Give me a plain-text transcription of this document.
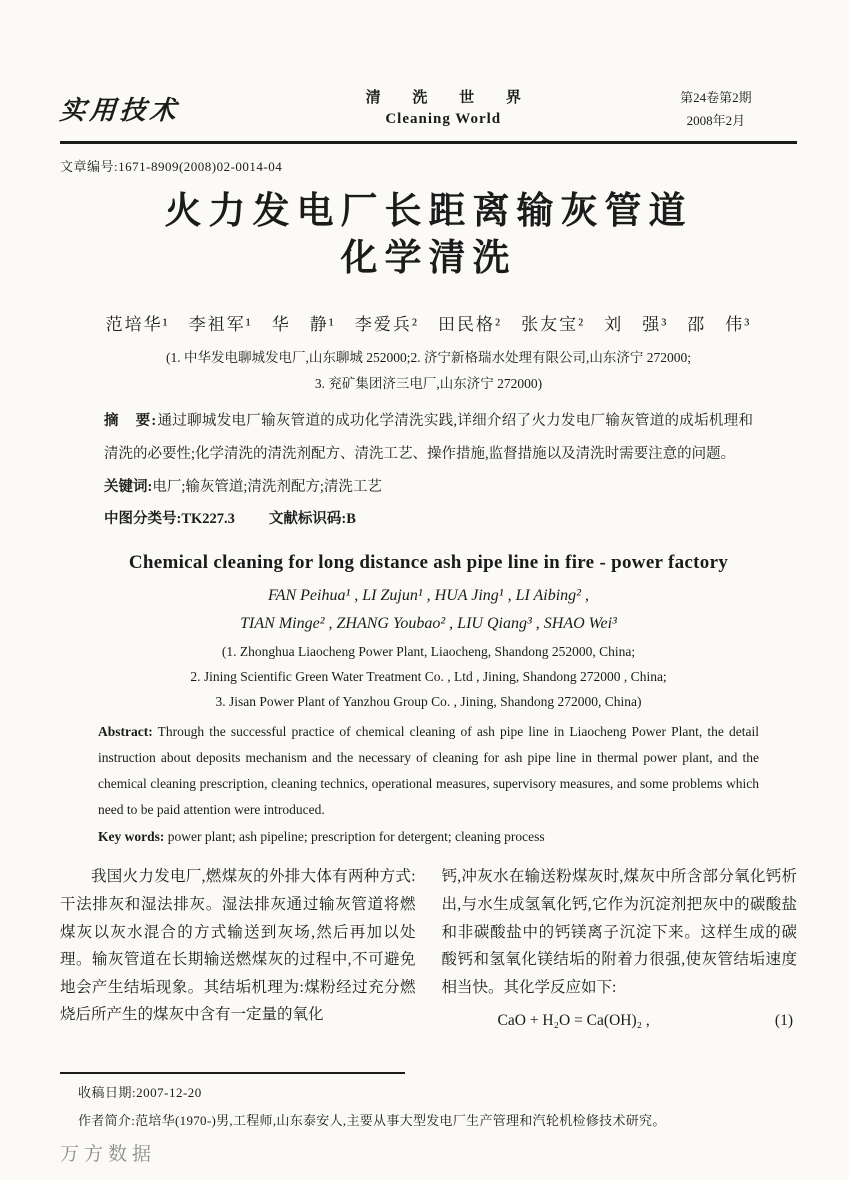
实用技术	清 洗 世 界
Cleaning World
第24卷第2期
2008年2月
文章编号:1671-8909(2008)02-0014-04
火力发电厂长距离输灰管道
化学清洗
范培华¹　李祖军¹　华　静¹　李爱兵²　田民格²　张友宝²　刘　强³　邵　伟³
(1. 中华发电聊城发电厂,山东聊城 252000;2. 济宁新格瑞水处理有限公司,山东济宁 272000;
3. 兖矿集团济三电厂,山东济宁 272000)

摘　要:通过聊城发电厂输灰管道的成功化学清洗实践,详细介绍了火力发电厂输灰管道的成垢机理和清洗的必要性;化学清洗的清洗剂配方、清洗工艺、操作措施,监督措施以及清洗时需要注意的问题。

关键词:电厂;输灰管道;清洗剂配方;清洗工艺

中图分类号:TK227.3 文献标识码:B

Chemical cleaning for long distance ash pipe line in fire - power factory
FAN Peihua¹ , LI Zujun¹ , HUA Jing¹ , LI Aibing² ,
TIAN Minge² , ZHANG Youbao² , LIU Qiang³ , SHAO Wei³
(1. Zhonghua Liaocheng Power Plant, Liaocheng, Shandong 252000, China;
2. Jining Scientific Green Water Treatment Co. , Ltd , Jining, Shandong 272000 , China;
3. Jisan Power Plant of Yanzhou Group Co. , Jining, Shandong 272000, China)

Abstract: Through the successful practice of chemical cleaning of ash pipe line in Liaocheng Power Plant, the detail instruction about deposits mechanism and the necessary of cleaning for ash pipe line in thermal power plant, and the chemical cleaning prescription, cleaning technics, operational measures, supervisory measures, and some problems which need to be paid attention were introduced.

Key words: power plant; ash pipeline; prescription for detergent; cleaning process

我国火力发电厂,燃煤灰的外排大体有两种方式:干法排灰和湿法排灰。湿法排灰通过输灰管道将燃煤灰以灰水混合的方式输送到灰场,然后再加以处理。输灰管道在长期输送燃煤灰的过程中,不可避免地会产生结垢现象。其结垢机理为:煤粉经过充分燃烧后所产生的煤灰中含有一定量的氧化

钙,冲灰水在输送粉煤灰时,煤灰中所含部分氧化钙析出,与水生成氢氧化钙,它作为沉淀剂把灰中的碳酸盐和非碳酸盐中的钙镁离子沉淀下来。这样生成的碳酸钙和氢氧化镁结垢的附着力很强,使灰管结垢速度相当快。其化学反应如下:

CaO + H₂O = Ca(OH)₂ ,	(1)
收稿日期:2007-12-20
作者简介:范培华(1970-)男,工程师,山东泰安人,主要从事大型发电厂生产管理和汽轮机检修技术研究。
万方数据
